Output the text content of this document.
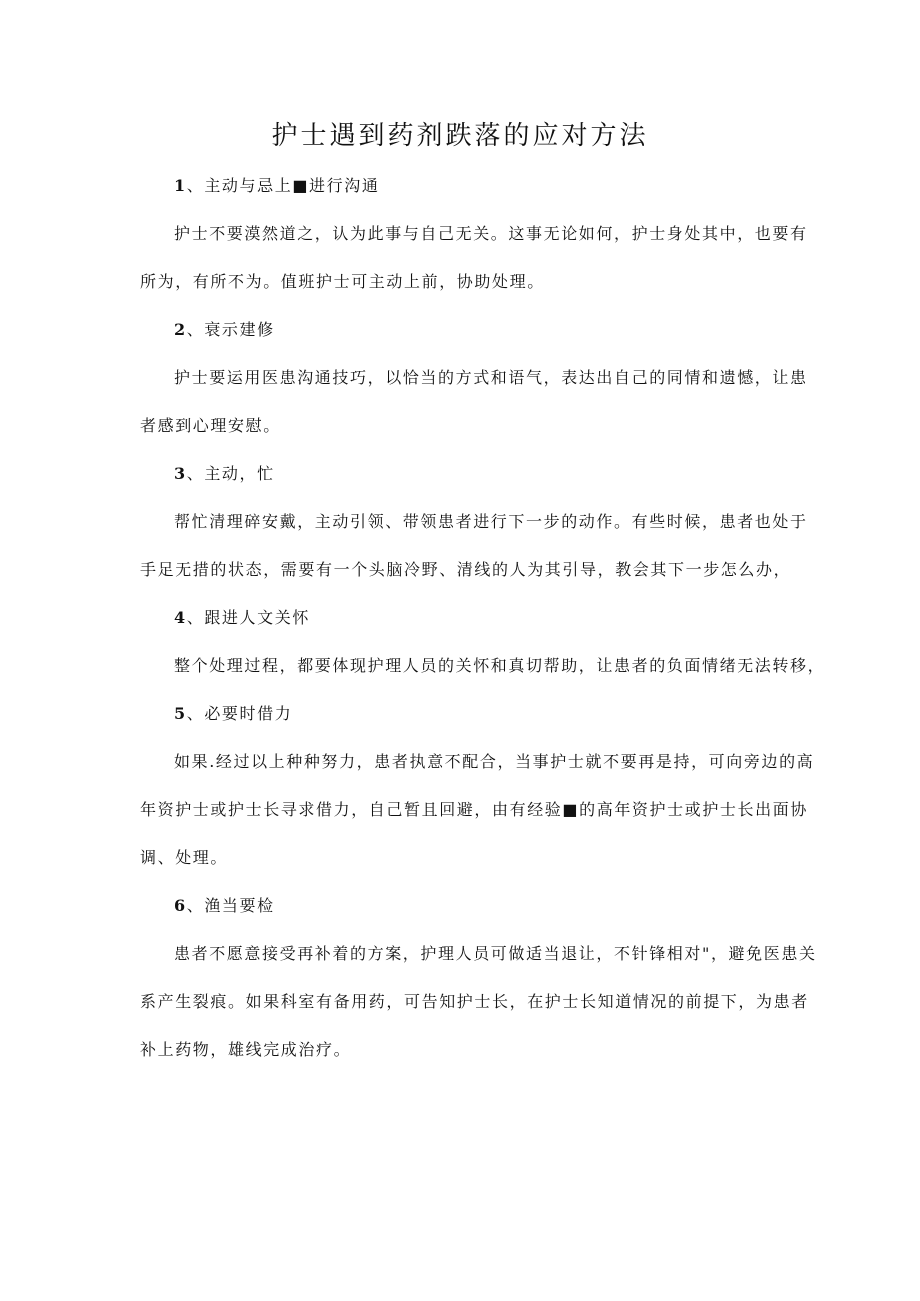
护士遇到药剂跌落的应对方法
1、主动与忌上■进行沟通
护士不要漠然道之，认为此事与自己无关。这事无论如何，护士身处其中，也要有
所为，有所不为。值班护士可主动上前，协助处理。
2、衰示建修
护士要运用医患沟通技巧，以恰当的方式和语气，表达出自己的同情和遗憾，让患
者感到心理安慰。
3、主动，忙
帮忙清理碎安戴，主动引领、带领患者进行下一步的动作。有些时候，患者也处于
手足无措的状态，需要有一个头脑冷野、清线的人为其引导，教会其下一步怎么办，
4、跟进人文关怀
整个处理过程，都要体现护理人员的关怀和真切帮助，让患者的负面情绪无法转移，
5、必要时借力
如果.经过以上种种努力，患者执意不配合，当事护士就不要再是持，可向旁边的高
年资护士或护士长寻求借力，自己暂且回避，由有经验■的高年资护士或护士长出面协
调、处理。
6、渔当要检
患者不愿意接受再补着的方案，护理人员可做适当退让，不针锋相对"，避免医患关
系产生裂痕。如果科室有备用药，可告知护士长，在护士长知道情况的前提下，为患者
补上药物，雄线完成治疗。
